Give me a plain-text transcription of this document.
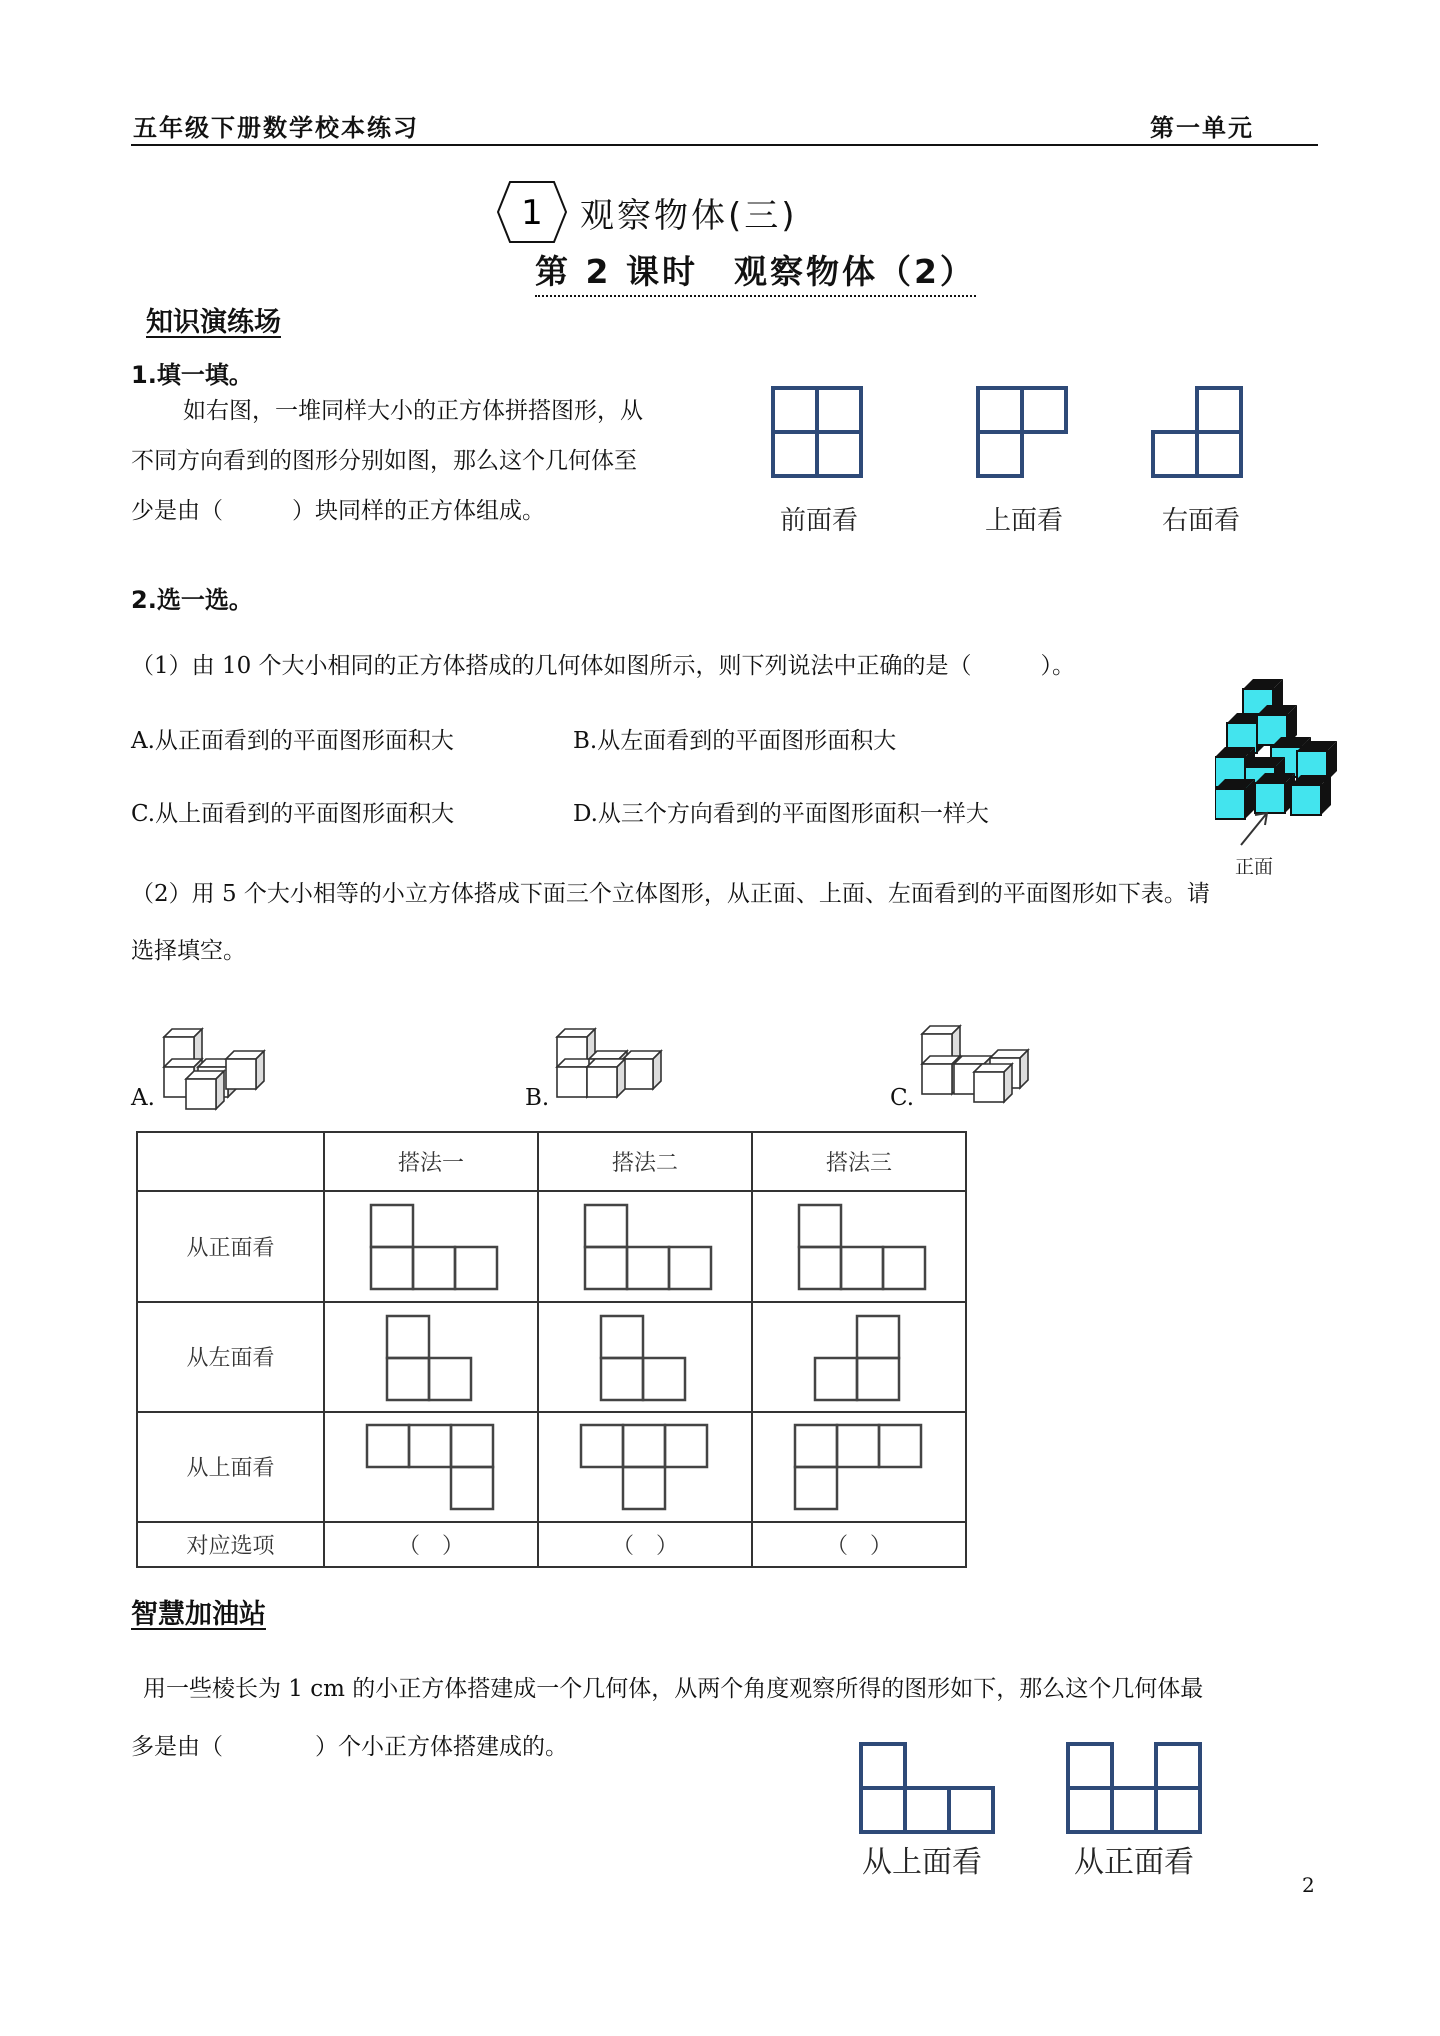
五年级下册数学校本练习	第一单元
1 观察物体(三)
第 2 课时　观察物体（2）
知识演练场
1.填一填。
如右图，一堆同样大小的正方体拼搭图形，从
不同方向看到的图形分别如图，那么这个几何体至
少是由（　　　）块同样的正方体组成。	前面看	上面看	右面看
2.选一选。
（1）由 10 个大小相同的正方体搭成的几何体如图所示，则下列说法中正确的是（　　　）。
A.从正面看到的平面图形面积大	B.从左面看到的平面图形面积大
C.从上面看到的平面图形面积大	D.从三个方向看到的平面图形面积一样大
正面
（2）用 5 个大小相等的小立方体搭成下面三个立体图形，从正面、上面、左面看到的平面图形如下表。请
选择填空。
A.	B.	C.
	搭法一	搭法二	搭法三
从正面看	

从左面看	

从上面看	

对应选项	（　）	（　）	（　）
智慧加油站
用一些棱长为 1 cm 的小正方体搭建成一个几何体，从两个角度观察所得的图形如下，那么这个几何体最
多是由（　　　　）个小正方体搭建成的。
从上面看	从正面看
2
